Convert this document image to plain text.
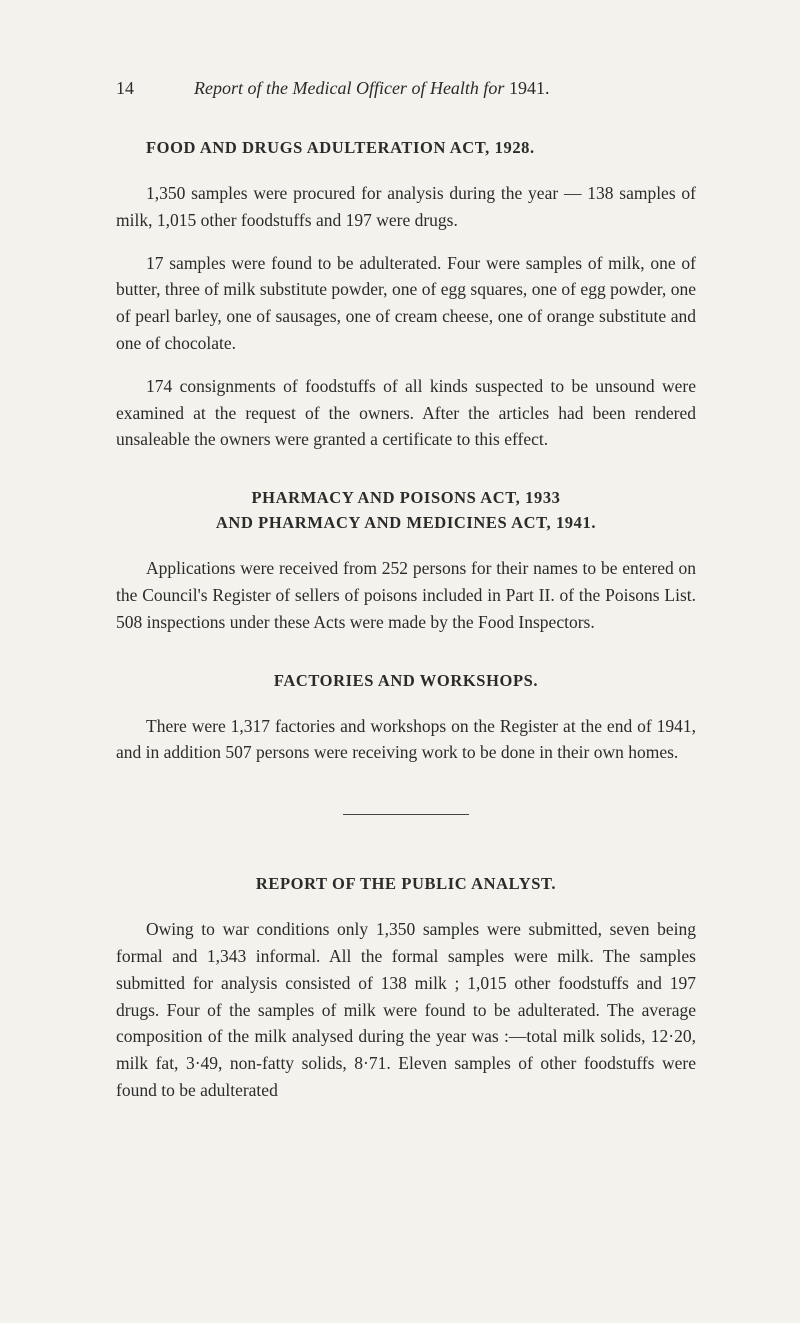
14	Report of the Medical Officer of Health for
1941.
FOOD AND DRUGS ADULTERATION ACT, 1928.

1,350 samples were procured for analysis during the year — 138 samples of milk, 1,015 other foodstuffs and 197 were drugs.

17 samples were found to be adulterated. Four were samples of milk, one of butter, three of milk substitute powder, one of egg squares, one of egg powder, one of pearl barley, one of sausages, one of cream cheese, one of orange substitute and one of chocolate.

174 consignments of foodstuffs of all kinds suspected to be unsound were examined at the request of the owners. After the articles had been rendered unsaleable the owners were granted a certificate to this effect.

PHARMACY AND POISONS ACT, 1933
AND PHARMACY AND MEDICINES ACT, 1941.

Applications were received from 252 persons for their names to be entered on the Council's Register of sellers of poisons included in Part II. of the Poisons List. 508 inspections under these Acts were made by the Food Inspectors.

FACTORIES AND WORKSHOPS.

There were 1,317 factories and workshops on the Register at the end of 1941, and in addition 507 persons were receiving work to be done in their own homes.

REPORT OF THE PUBLIC ANALYST.

Owing to war conditions only 1,350 samples were submitted, seven being formal and 1,343 informal. All the formal samples were milk. The samples submitted for analysis consisted of 138 milk ; 1,015 other foodstuffs and 197 drugs. Four of the samples of milk were found to be adulterated. The average composition of the milk analysed during the year was :—total milk solids, 12·20, milk fat, 3·49, non-fatty solids, 8·71. Eleven samples of other foodstuffs were found to be adulterated
